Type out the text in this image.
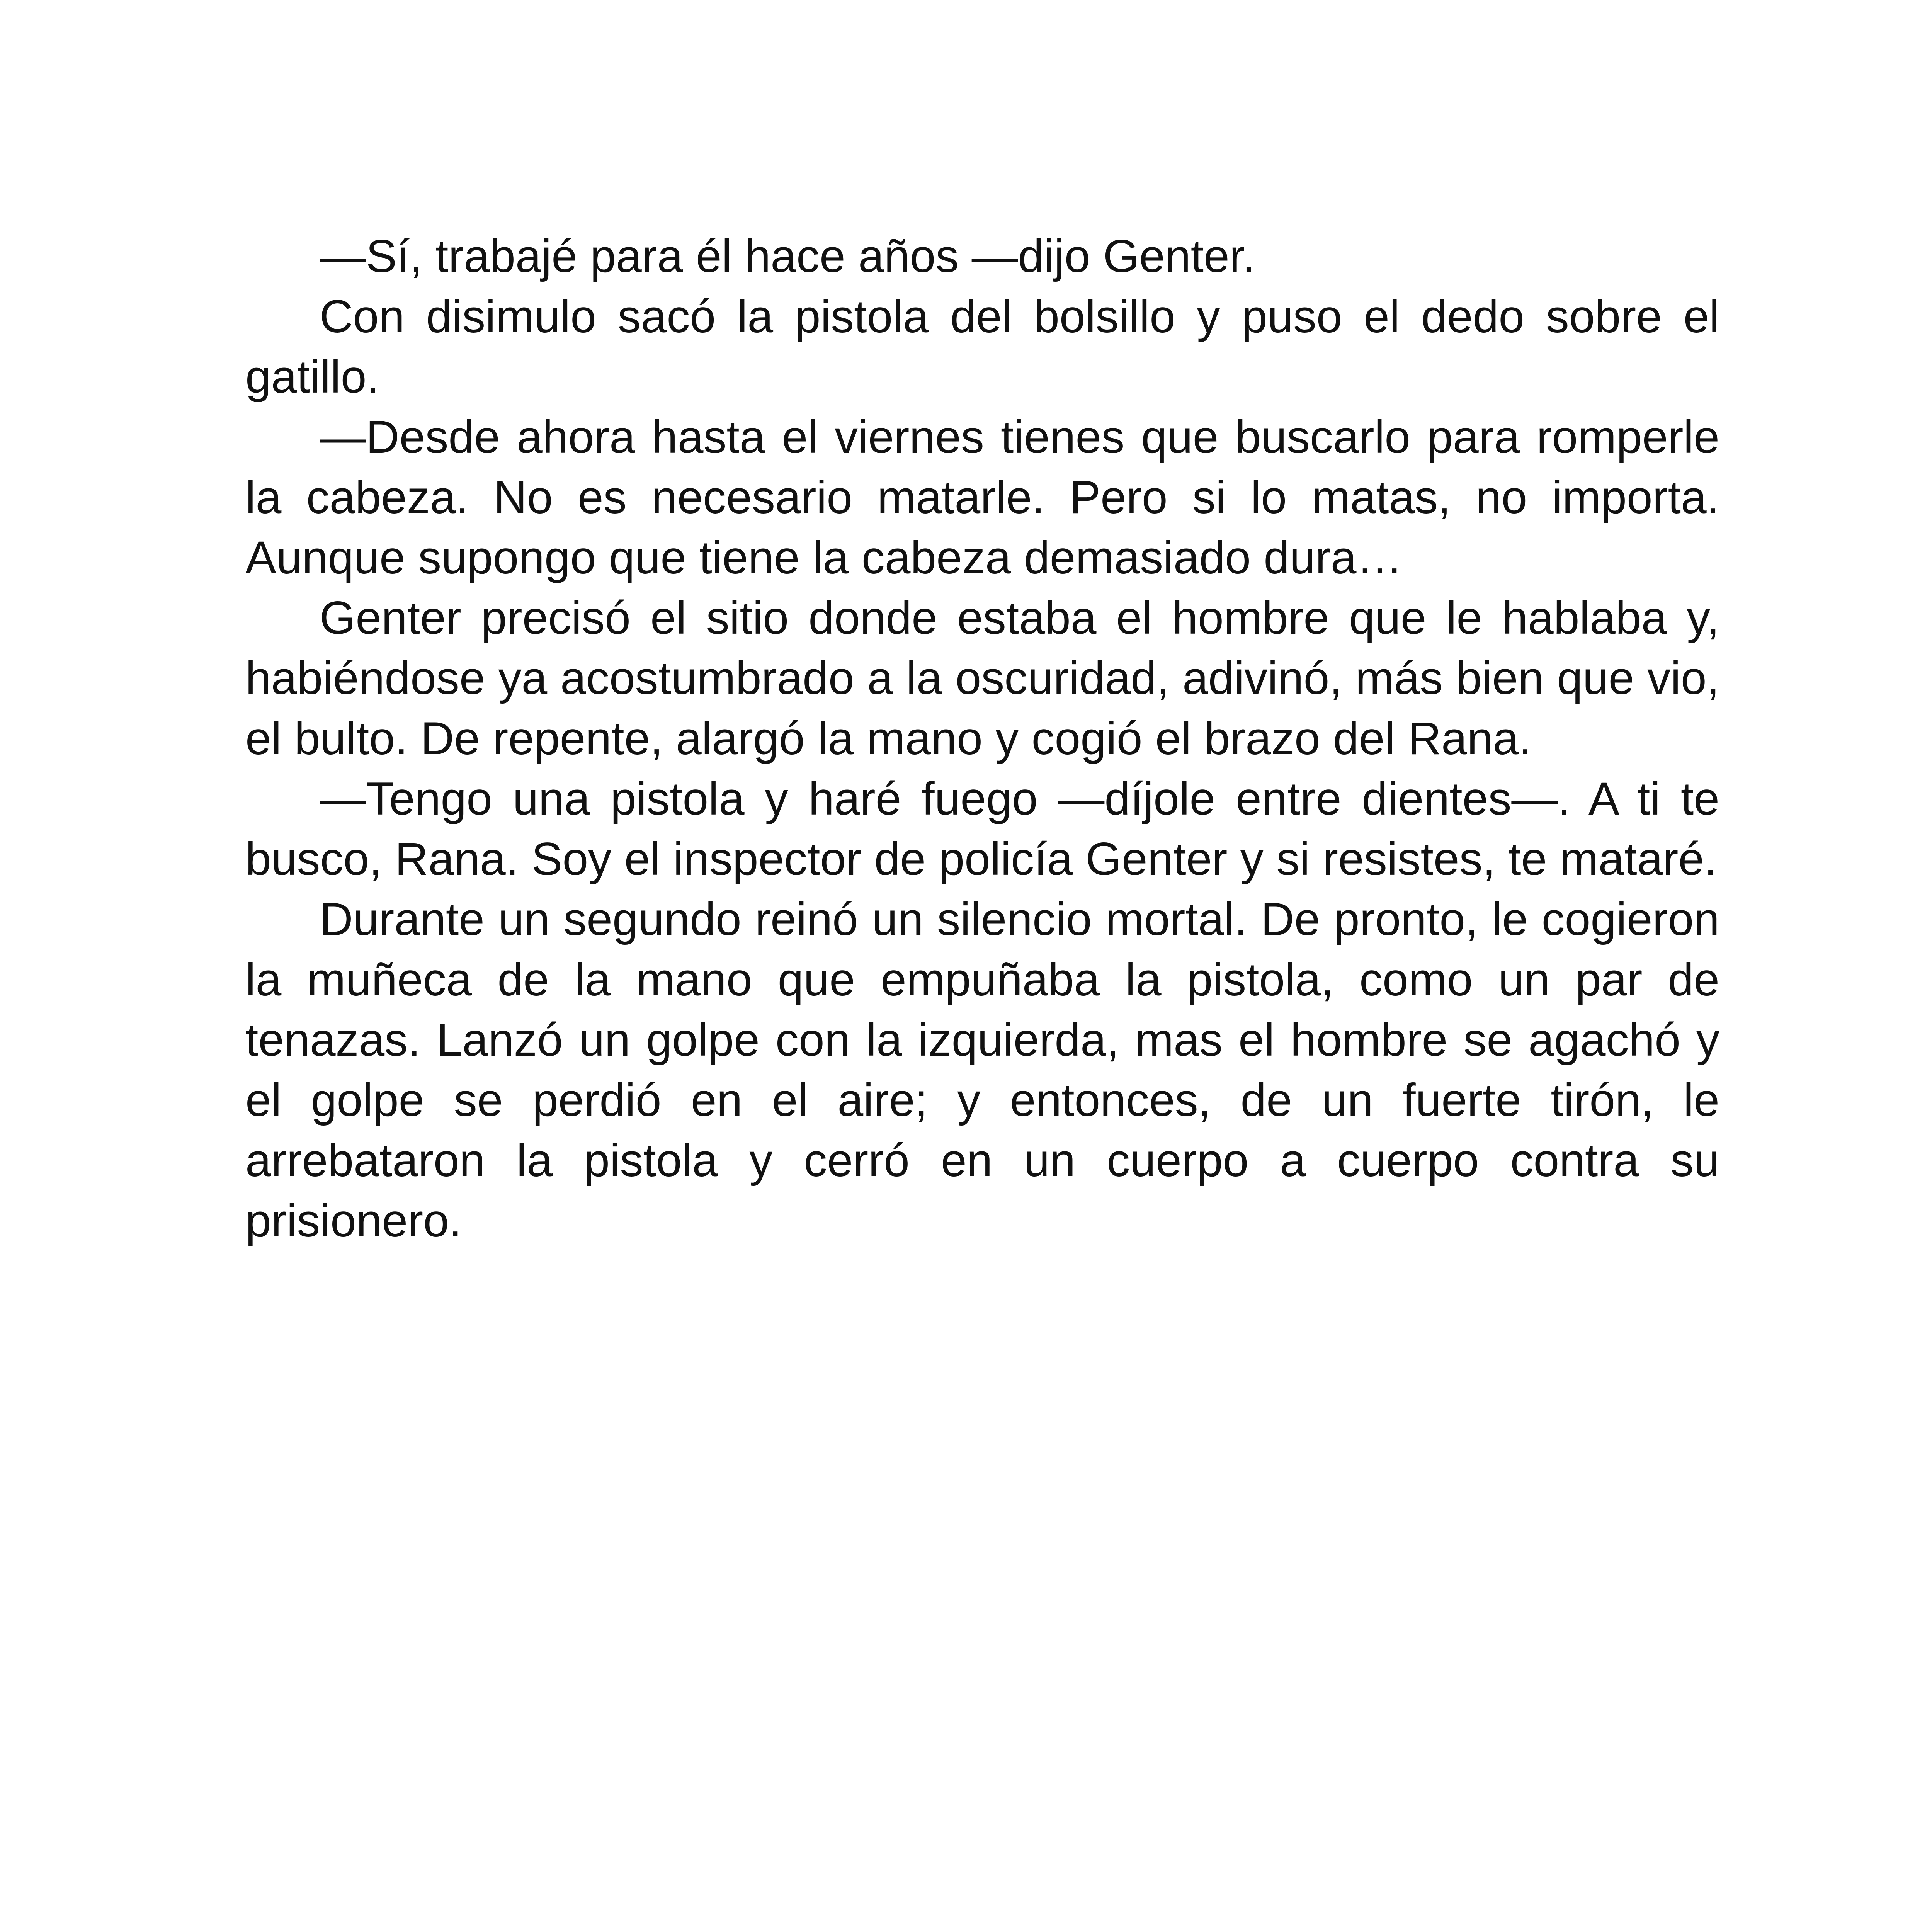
—Sí, trabajé para él hace años —dijo Genter.

Con disimulo sacó la pistola del bolsillo y puso el dedo sobre el gatillo.

—Desde ahora hasta el viernes tienes que buscarlo para romperle la cabeza. No es necesario matarle. Pero si lo matas, no importa. Aunque supongo que tiene la cabeza demasiado dura…

Genter precisó el sitio donde estaba el hombre que le hablaba y, habiéndose ya acostumbrado a la oscuridad, adivinó, más bien que vio, el bulto. De repente, alargó la mano y cogió el brazo del Rana.

—Tengo una pistola y haré fuego —díjole entre dientes—. A ti te busco, Rana. Soy el inspector de policía Genter y si resistes, te mataré.

Durante un segundo reinó un silencio mortal. De pronto, le cogieron la muñeca de la mano que empuñaba la pistola, como un par de tenazas. Lanzó un golpe con la izquierda, mas el hombre se agachó y el golpe se perdió en el aire; y entonces, de un fuerte tirón, le arrebataron la pistola y cerró en un cuerpo a cuerpo contra su prisionero.
